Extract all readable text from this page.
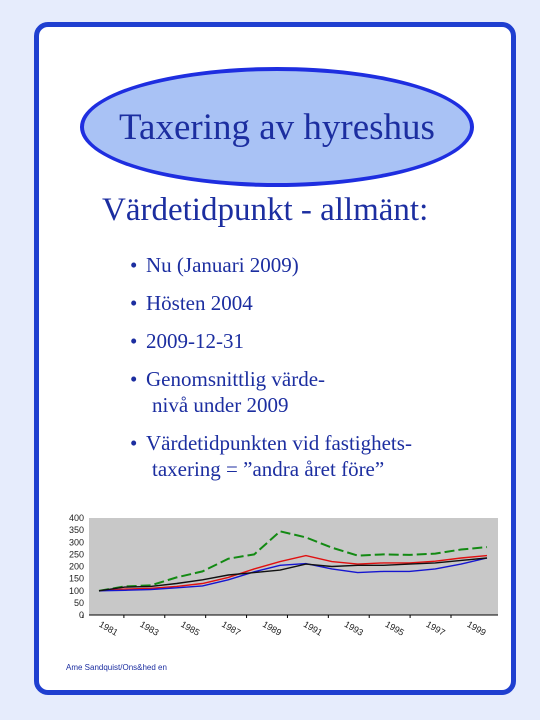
Taxering av hyreshus
Värdetidpunkt - allmänt:
• Nu (Januari 2009)
• Hösten 2004
• 2009-12-31
• Genomsnittlig värde-
nivå under 2009
• Värdetidpunkten vid fastighets-
taxering = ”andra året före”
0
50
100
150
200
250
300
350
400
1981 1983 1985 1987 1989 1991 1993 1995 1997 1999
Ame Sandquist/Ons&hed en
